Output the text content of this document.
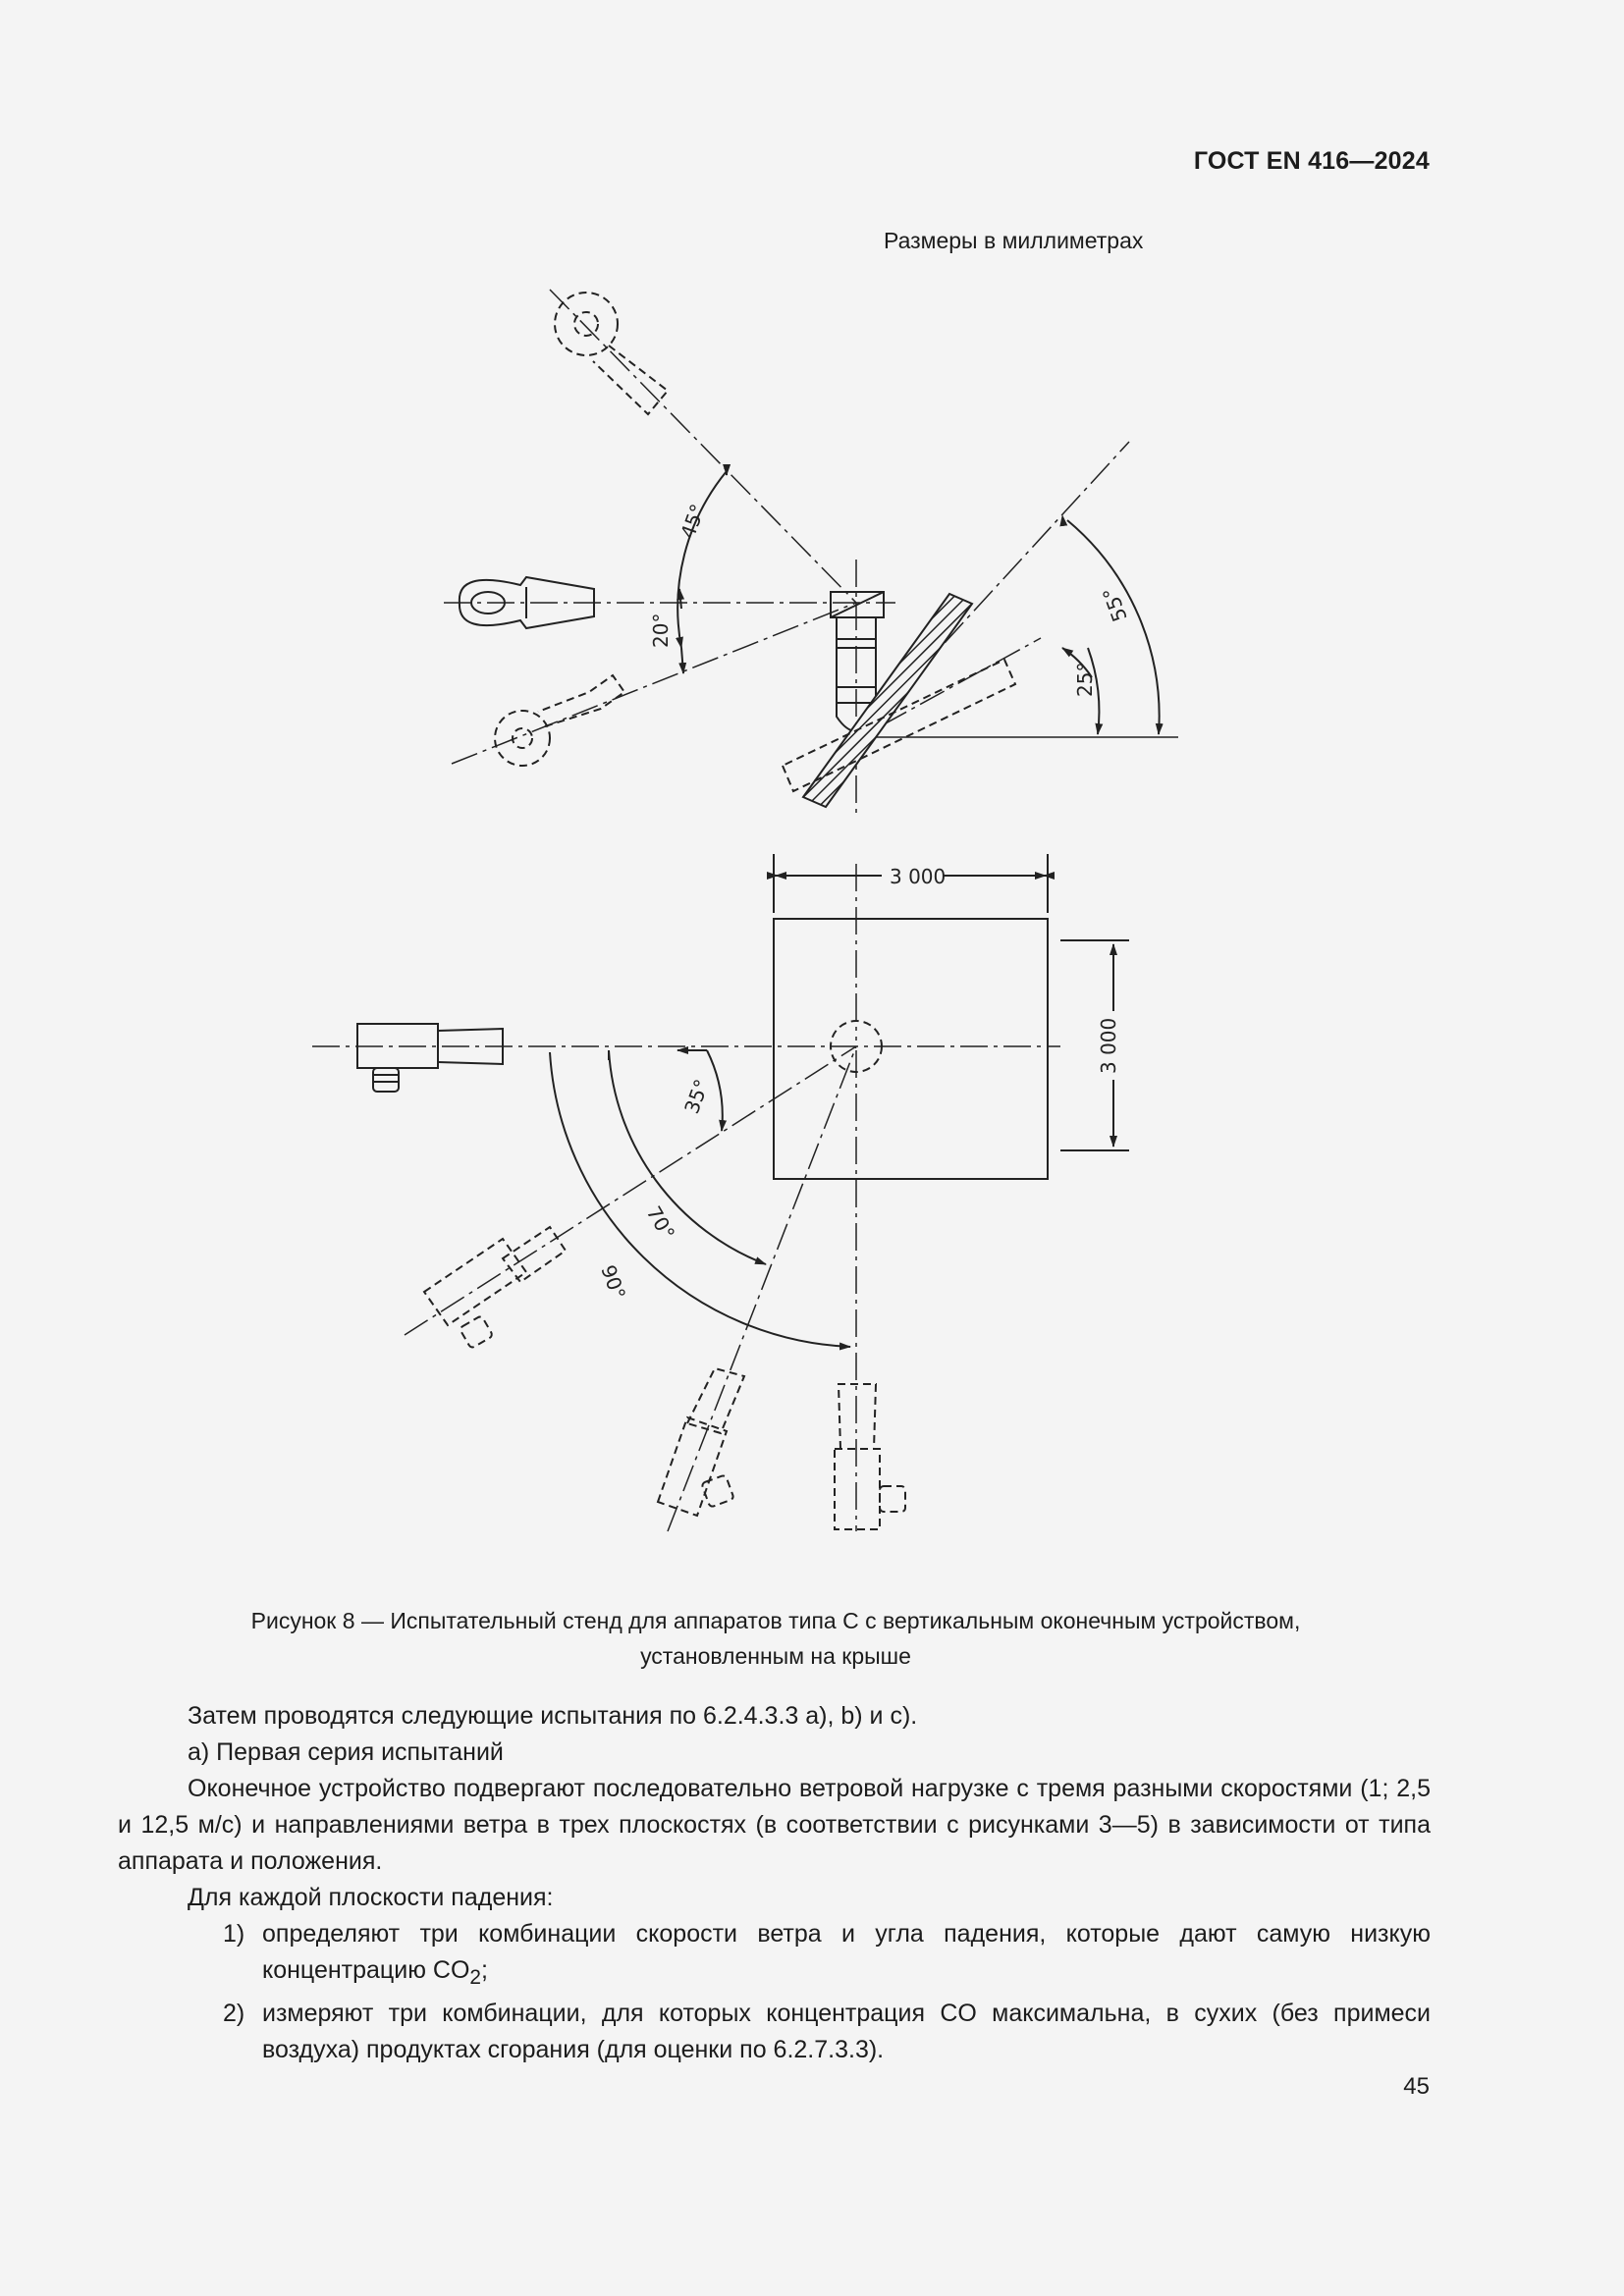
ГОСТ EN 416—2024
Размеры в миллиметрах
45°
20°
55°
25°
3 000
3 000
35°
70°
90°
Рисунок 8 — Испытательный стенд для аппаратов типа С с вертикальным оконечным устройством,
установленным на крыше

Затем проводятся следующие испытания по 6.2.4.3.3 а), b) и с).

а) Первая серия испытаний

Оконечное устройство подвергают последовательно ветровой нагрузке с тремя разными скоростями (1; 2,5 и 12,5 м/с) и направлениями ветра в трех плоскостях (в соответствии с рисунками 3—5) в зависимости от типа аппарата и положения.

Для каждой плоскости падения:

1) определяют три комбинации скорости ветра и угла падения, которые дают самую низкую концентрацию $CO_2$;
2) измеряют три комбинации, для которых концентрация CO максимальна, в сухих (без примеси воздуха) продуктах сгорания (для оценки по 6.2.7.3.3).
45
